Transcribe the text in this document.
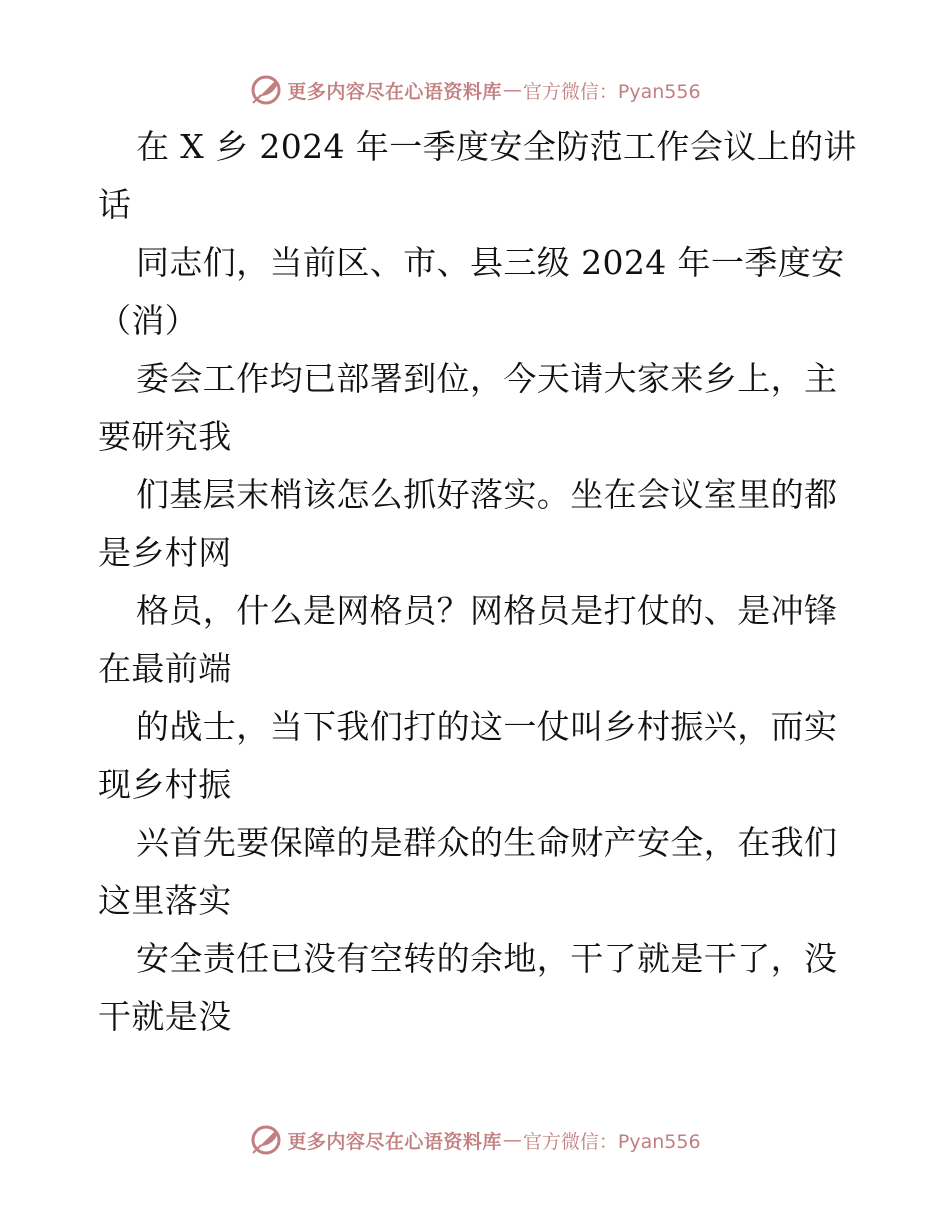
更多内容尽在心语资料库 — 官方微信：Pyan556
在 X 乡 2024 年一季度安全防范工作会议上的讲
话
同志们，当前区、市、县三级 2024 年一季度安
（消）
委会工作均已部署到位，今天请大家来乡上，主
要研究我
们基层末梢该怎么抓好落实。坐在会议室里的都
是乡村网
格员，什么是网格员？网格员是打仗的、是冲锋
在最前端
的战士，当下我们打的这一仗叫乡村振兴，而实
现乡村振
兴首先要保障的是群众的生命财产安全，在我们
这里落实
安全责任已没有空转的余地，干了就是干了，没
干就是没
更多内容尽在心语资料库 — 官方微信：Pyan556
